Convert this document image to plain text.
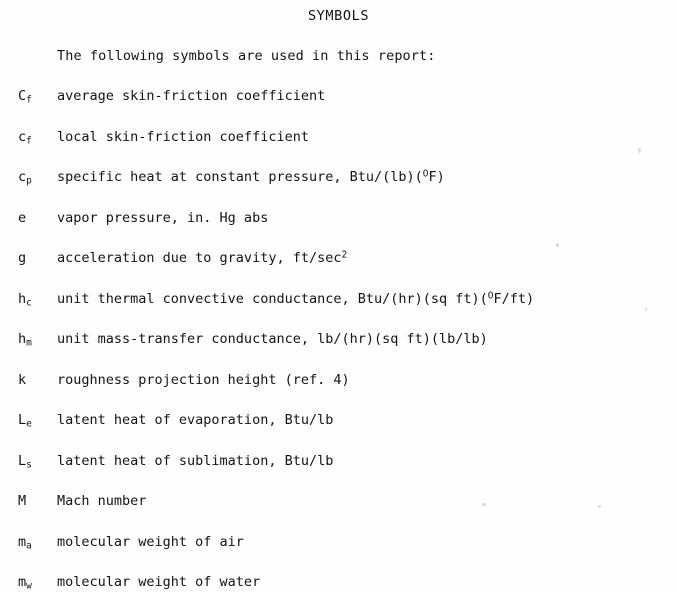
SYMBOLS
The following symbols are used in this report:
$C_f$ average skin-friction coefficient
$c_f$ local skin-friction coefficient
$c_p$ specific heat at constant pressure, Btu/(lb)($^O$F)
e vapor pressure, in. Hg abs
g acceleration due to gravity, $ft/\sec^2$
$h_c$ unit thermal convective conductance, Btu/(hr)(sq ft)($^O$F/ft)
$h_m$ unit mass-transfer conductance, lb/(hr)(sq ft)(lb/lb)
k roughness projection height (ref. 4)
$L_e$ latent heat of evaporation, Btu/lb
$L_s$ latent heat of sublimation, Btu/lb
M Mach number
$m_a$ molecular weight of air
$m_w$ molecular weight of water
